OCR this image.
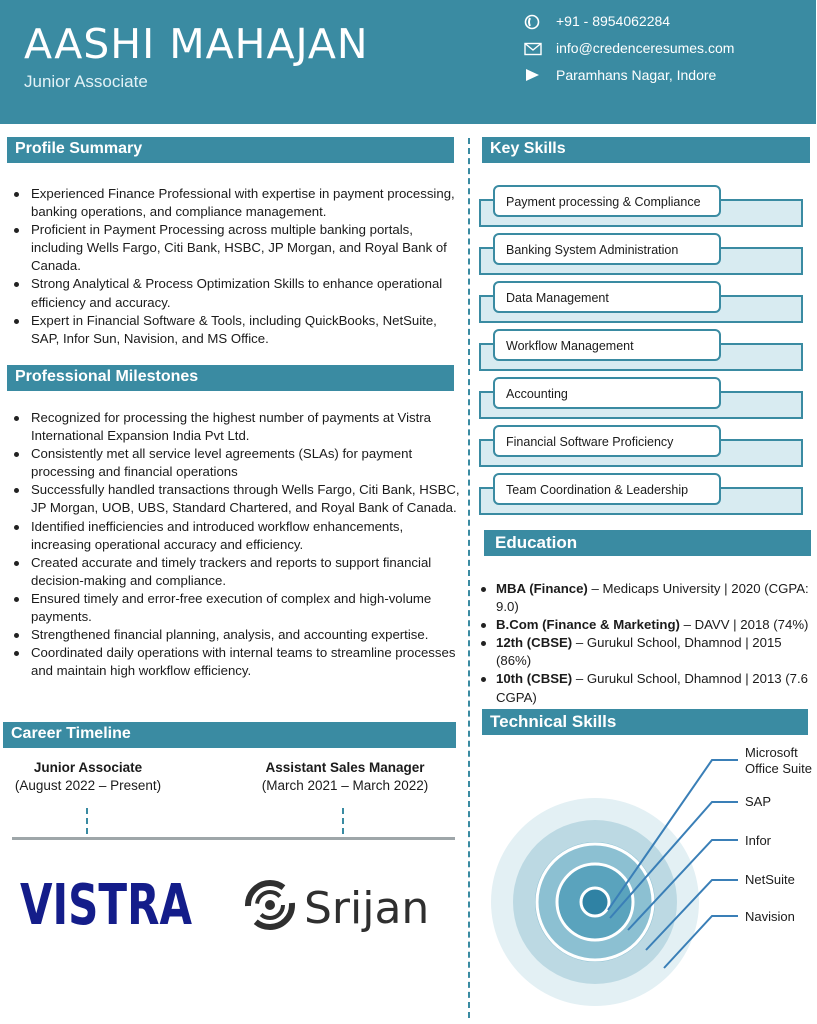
AASHI MAHAJAN
Junior Associate
+91 - 8954062284
info@credenceresumes.com
Paramhans Nagar, Indore
Profile Summary
Experienced Finance Professional with expertise in payment processing, banking operations, and compliance management.
Proficient in Payment Processing across multiple banking portals, including Wells Fargo, Citi Bank, HSBC, JP Morgan, and Royal Bank of Canada.
Strong Analytical & Process Optimization Skills to enhance operational efficiency and accuracy.
Expert in Financial Software & Tools, including QuickBooks, NetSuite, SAP, Infor Sun, Navision, and MS Office.
Professional Milestones
Recognized for processing the highest number of payments at Vistra International Expansion India Pvt Ltd.
Consistently met all service level agreements (SLAs) for payment processing and financial operations
Successfully handled transactions through Wells Fargo, Citi Bank, HSBC, JP Morgan, UOB, UBS, Standard Chartered, and Royal Bank of Canada.
Identified inefficiencies and introduced workflow enhancements, increasing operational accuracy and efficiency.
Created accurate and timely trackers and reports to support financial decision-making and compliance.
Ensured timely and error-free execution of complex and high-volume payments.
Strengthened financial planning, analysis, and accounting expertise.
Coordinated daily operations with internal teams to streamline processes and maintain high workflow efficiency.
Career Timeline
Junior Associate
(August 2022 – Present)
Assistant Sales Manager
(March 2021 – March 2022)
VISTRA	Srijan
Key Skills
Payment processing & Compliance
Banking System Administration
Data Management
Workflow Management
Accounting
Financial Software Proficiency
Team Coordination & Leadership
Education
MBA (Finance) – Medicaps University | 2020 (CGPA: 9.0)
B.Com (Finance & Marketing) – DAVV | 2018 (74%)
12th (CBSE) – Gurukul School, Dhamnod | 2015 (86%)
10th (CBSE) – Gurukul School, Dhamnod | 2013 (7.6 CGPA)
Technical Skills
Microsoft Office Suite
SAP
Infor
NetSuite
Navision
